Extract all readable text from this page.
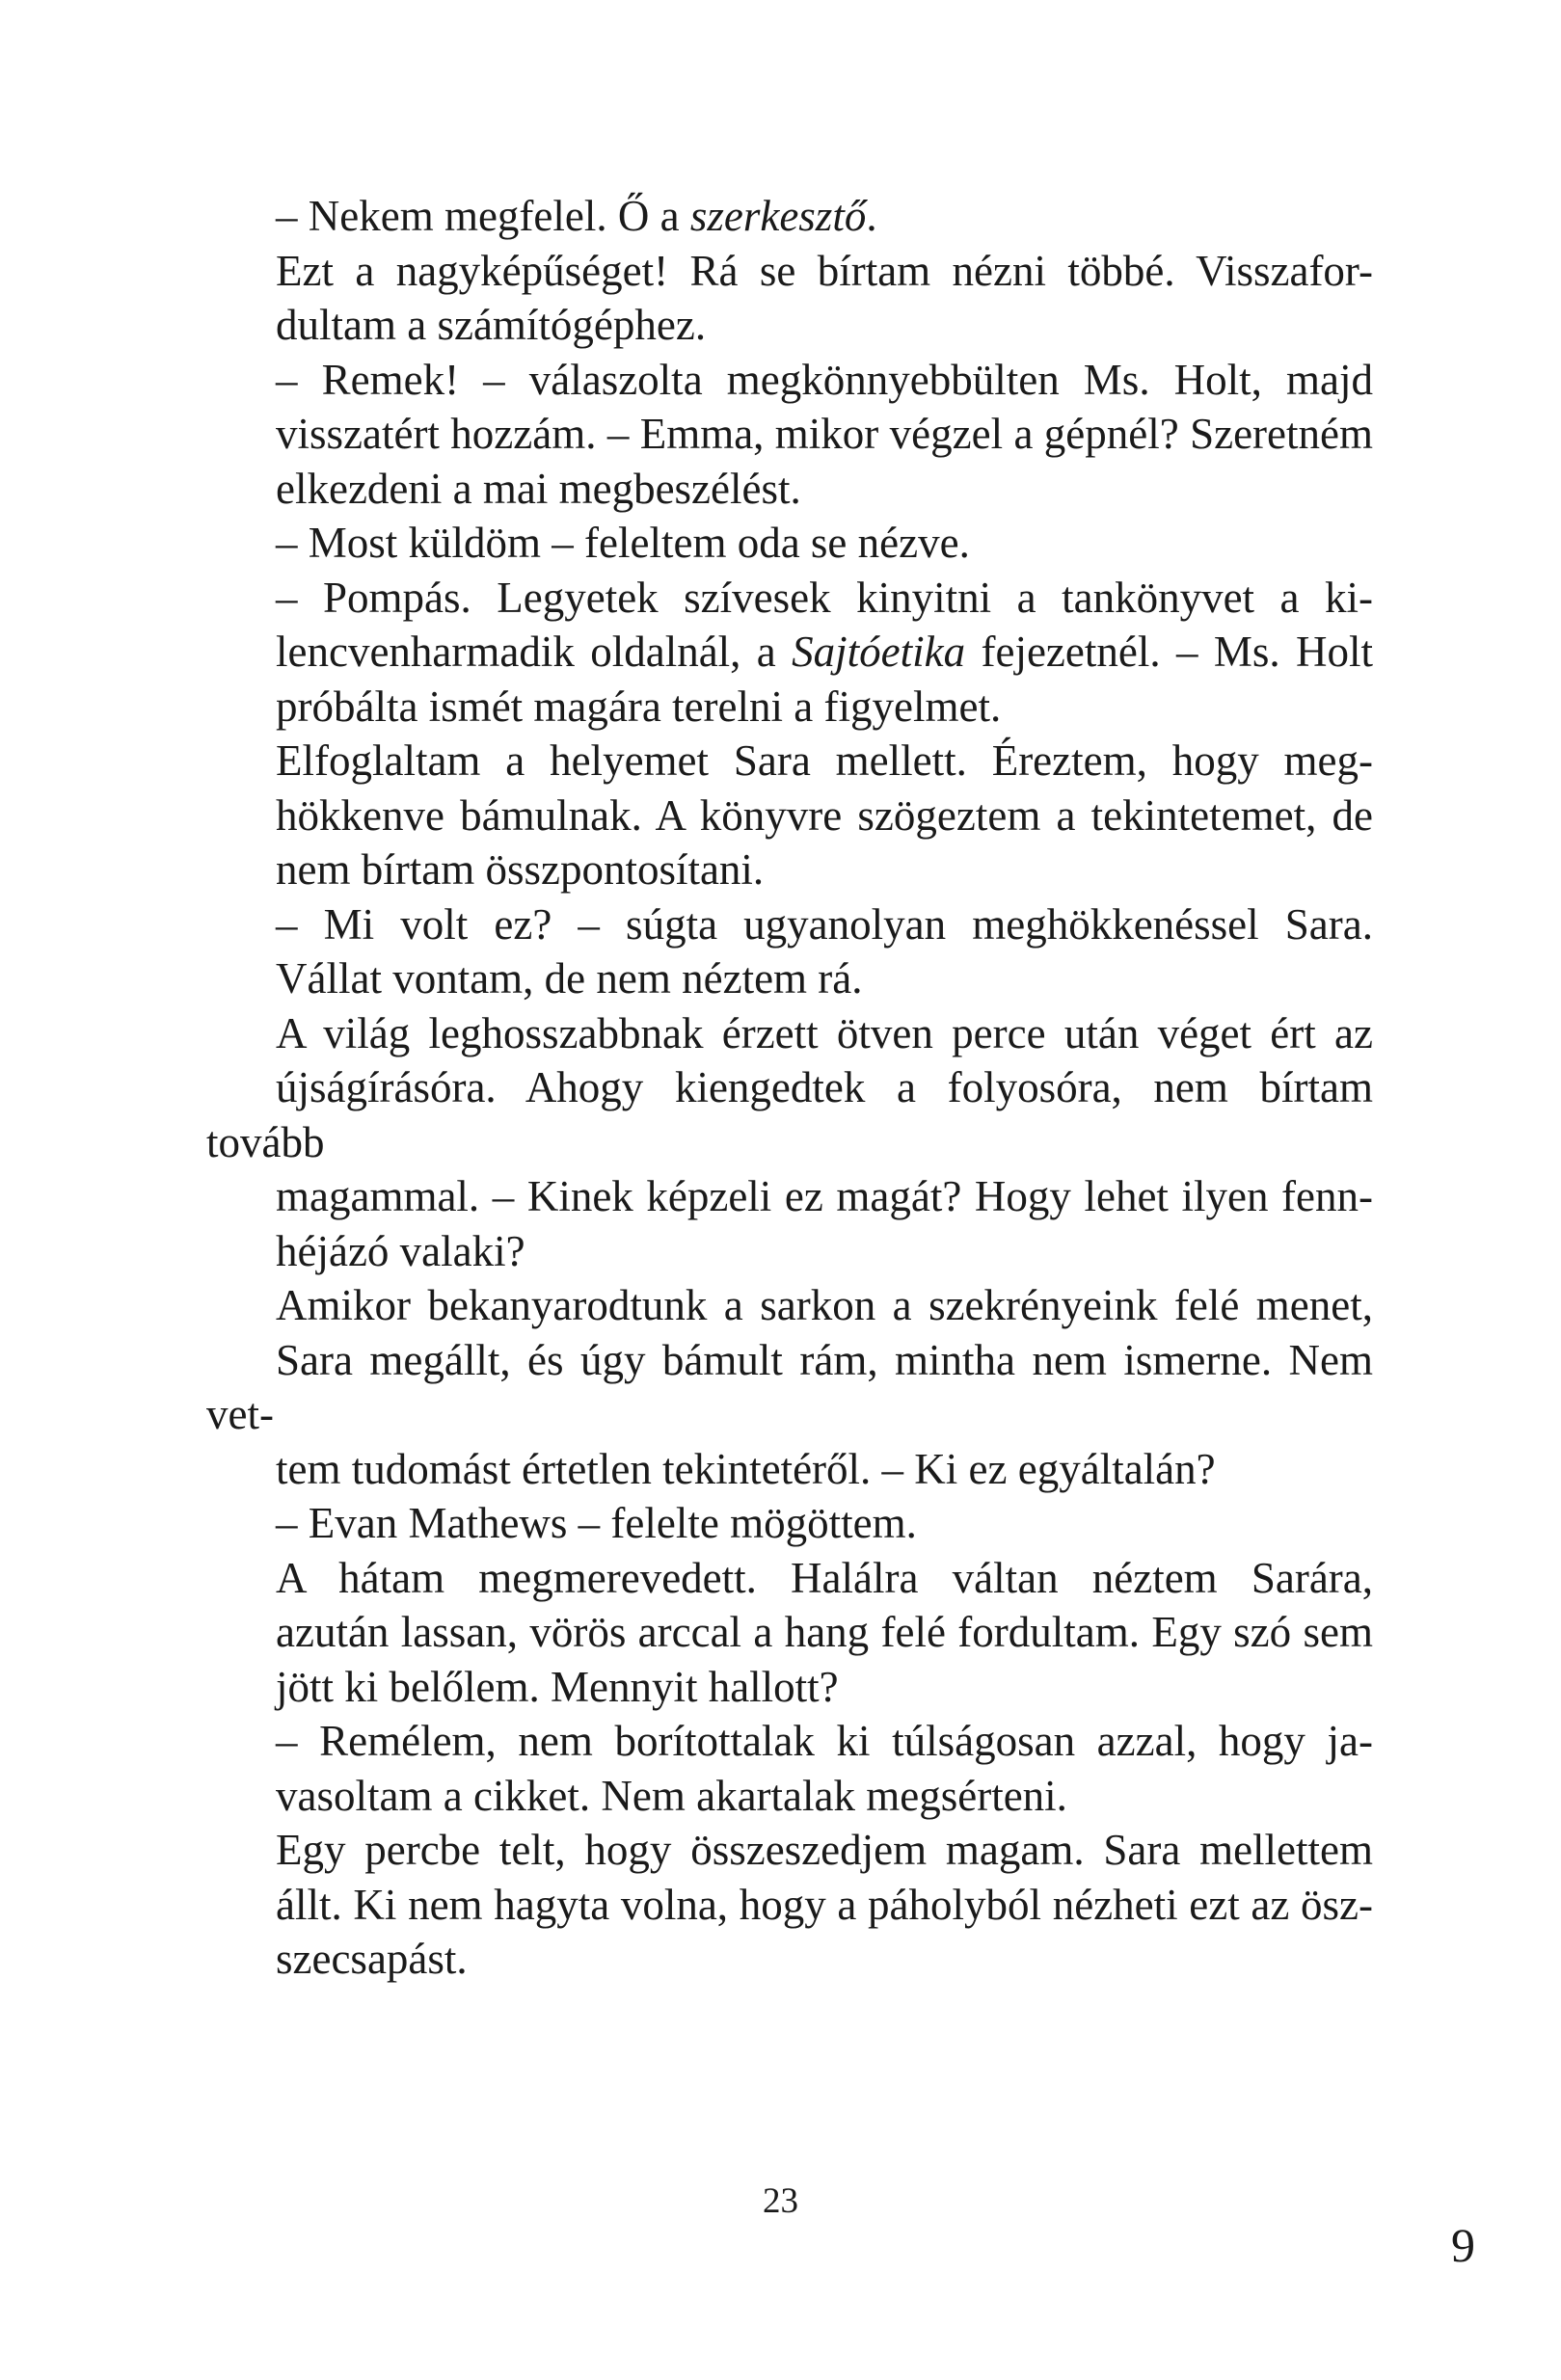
– Nekem megfelel. Ő a szerkesztő.

Ezt a nagyképűséget! Rá se bírtam nézni többé. Visszafor-
dultam a számítógéphez.

– Remek! – válaszolta megkönnyebbülten Ms. Holt, majd
visszatért hozzám. – Emma, mikor végzel a gépnél? Szeretném
elkezdeni a mai megbeszélést.

– Most küldöm – feleltem oda se nézve.

– Pompás. Legyetek szívesek kinyitni a tankönyvet a ki-
lencvenharmadik oldalnál, a Sajtóetika fejezetnél. – Ms. Holt
próbálta ismét magára terelni a figyelmet.

Elfoglaltam a helyemet Sara mellett. Éreztem, hogy meg-
hökkenve bámulnak. A könyvre szögeztem a tekintetemet, de
nem bírtam összpontosítani.

– Mi volt ez? – súgta ugyanolyan meghökkenéssel Sara.
Vállat vontam, de nem néztem rá.

A világ leghosszabbnak érzett ötven perce után véget ért az
újságírásóra. Ahogy kiengedtek a folyosóra, nem bírtam tovább
magammal. – Kinek képzeli ez magát? Hogy lehet ilyen fenn-
héjázó valaki?

Amikor bekanyarodtunk a sarkon a szekrényeink felé menet,
Sara megállt, és úgy bámult rám, mintha nem ismerne. Nem vet-
tem tudomást értetlen tekintetéről. – Ki ez egyáltalán?

– Evan Mathews – felelte mögöttem.

A hátam megmerevedett. Halálra váltan néztem Sarára,
azután lassan, vörös arccal a hang felé fordultam. Egy szó sem
jött ki belőlem. Mennyit hallott?

– Remélem, nem borítottalak ki túlságosan azzal, hogy ja-
vasoltam a cikket. Nem akartalak megsérteni.

Egy percbe telt, hogy összeszedjem magam. Sara mellettem
állt. Ki nem hagyta volna, hogy a páholyból nézheti ezt az ösz-
szecsapást.

23
9
